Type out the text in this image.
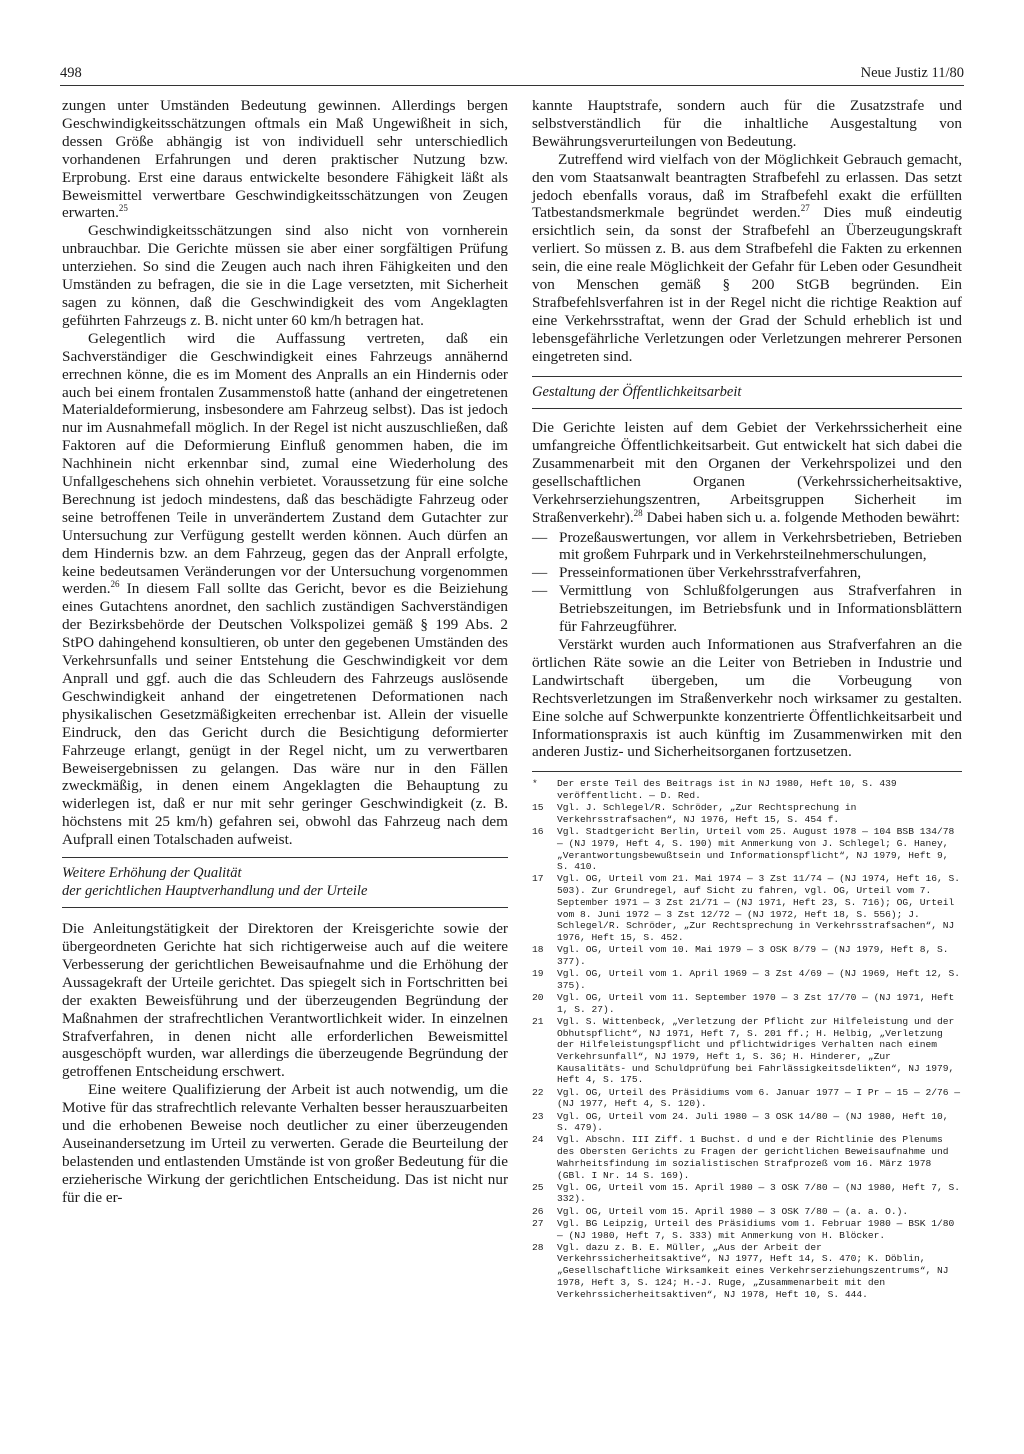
498	Neue Justiz 11/80

zungen unter Umständen Bedeutung gewinnen. Allerdings bergen Geschwindigkeitsschätzungen oftmals ein Maß Ungewißheit in sich, dessen Größe abhängig ist von individuell sehr unterschiedlich vorhandenen Erfahrungen und deren praktischer Nutzung bzw. Erprobung. Erst eine daraus entwickelte besondere Fähigkeit läßt als Beweismittel verwertbare Geschwindigkeitsschätzungen von Zeugen erwarten.$^{25}$

Geschwindigkeitsschätzungen sind also nicht von vornherein unbrauchbar. Die Gerichte müssen sie aber einer sorgfältigen Prüfung unterziehen. So sind die Zeugen auch nach ihren Fähigkeiten und den Umständen zu befragen, die sie in die Lage versetzten, mit Sicherheit sagen zu können, daß die Geschwindigkeit des vom Angeklagten geführten Fahrzeugs z. B. nicht unter 60 km/h betragen hat.

Gelegentlich wird die Auffassung vertreten, daß ein Sachverständiger die Geschwindigkeit eines Fahrzeugs annähernd errechnen könne, die es im Moment des Anpralls an ein Hindernis oder auch bei einem frontalen Zusammenstoß hatte (anhand der eingetretenen Materialdeformierung, insbesondere am Fahrzeug selbst). Das ist jedoch nur im Ausnahmefall möglich. In der Regel ist nicht auszuschließen, daß Faktoren auf die Deformierung Einfluß genommen haben, die im Nachhinein nicht erkennbar sind, zumal eine Wiederholung des Unfallgeschehens sich ohnehin verbietet. Voraussetzung für eine solche Berechnung ist jedoch mindestens, daß das beschädigte Fahrzeug oder seine betroffenen Teile in unverändertem Zustand dem Gutachter zur Untersuchung zur Verfügung gestellt werden können. Auch dürfen an dem Hindernis bzw. an dem Fahrzeug, gegen das der Anprall erfolgte, keine bedeutsamen Veränderungen vor der Untersuchung vorgenommen werden.$^{26}$ In diesem Fall sollte das Gericht, bevor es die Beiziehung eines Gutachtens anordnet, den sachlich zuständigen Sachverständigen der Bezirksbehörde der Deutschen Volkspolizei gemäß § 199 Abs. 2 StPO dahingehend konsultieren, ob unter den gegebenen Umständen des Verkehrsunfalls und seiner Entstehung die Geschwindigkeit vor dem Anprall und ggf. auch die das Schleudern des Fahrzeugs auslösende Geschwindigkeit anhand der eingetretenen Deformationen nach physikalischen Gesetzmäßigkeiten errechenbar ist. Allein der visuelle Eindruck, den das Gericht durch die Besichtigung deformierter Fahrzeuge erlangt, genügt in der Regel nicht, um zu verwertbaren Beweisergebnissen zu gelangen. Das wäre nur in den Fällen zweckmäßig, in denen einem Angeklagten die Behauptung zu widerlegen ist, daß er nur mit sehr geringer Geschwindigkeit (z. B. höchstens mit 25 km/h) gefahren sei, obwohl das Fahrzeug nach dem Aufprall einen Totalschaden aufweist.

Weitere Erhöhung der Qualität
der gerichtlichen Hauptverhandlung und der Urteile

Die Anleitungstätigkeit der Direktoren der Kreisgerichte sowie der übergeordneten Gerichte hat sich richtigerweise auch auf die weitere Verbesserung der gerichtlichen Beweisaufnahme und die Erhöhung der Aussagekraft der Urteile gerichtet. Das spiegelt sich in Fortschritten bei der exakten Beweisführung und der überzeugenden Begründung der Maßnahmen der strafrechtlichen Verantwortlichkeit wider. In einzelnen Strafverfahren, in denen nicht alle erforderlichen Beweismittel ausgeschöpft wurden, war allerdings die überzeugende Begründung der getroffenen Entscheidung erschwert.

Eine weitere Qualifizierung der Arbeit ist auch notwendig, um die Motive für das strafrechtlich relevante Verhalten besser herauszuarbeiten und die erhobenen Beweise noch deutlicher zu einer überzeugenden Auseinandersetzung im Urteil zu verwerten. Gerade die Beurteilung der belastenden und entlastenden Umstände ist von großer Bedeutung für die erzieherische Wirkung der gerichtlichen Entscheidung. Das ist nicht nur für die er-

kannte Hauptstrafe, sondern auch für die Zusatzstrafe und selbstverständlich für die inhaltliche Ausgestaltung von Bewährungsverurteilungen von Bedeutung.

Zutreffend wird vielfach von der Möglichkeit Gebrauch gemacht, den vom Staatsanwalt beantragten Strafbefehl zu erlassen. Das setzt jedoch ebenfalls voraus, daß im Strafbefehl exakt die erfüllten Tatbestandsmerkmale begründet werden.$^{27}$ Dies muß eindeutig ersichtlich sein, da sonst der Strafbefehl an Überzeugungskraft verliert. So müssen z. B. aus dem Strafbefehl die Fakten zu erkennen sein, die eine reale Möglichkeit der Gefahr für Leben oder Gesundheit von Menschen gemäß § 200 StGB begründen. Ein Strafbefehlsverfahren ist in der Regel nicht die richtige Reaktion auf eine Verkehrsstraftat, wenn der Grad der Schuld erheblich ist und lebensgefährliche Verletzungen oder Verletzungen mehrerer Personen eingetreten sind.

Gestaltung der Öffentlichkeitsarbeit

Die Gerichte leisten auf dem Gebiet der Verkehrssicherheit eine umfangreiche Öffentlichkeitsarbeit. Gut entwickelt hat sich dabei die Zusammenarbeit mit den Organen der Verkehrspolizei und den gesellschaftlichen Organen (Verkehrssicherheitsaktive, Verkehrserziehungszentren, Arbeitsgruppen Sicherheit im Straßenverkehr).$^{28}$ Dabei haben sich u. a. folgende Methoden bewährt:

— Prozeßauswertungen, vor allem in Verkehrsbetrieben, Betrieben mit großem Fuhrpark und in Verkehrsteilnehmerschulungen,
— Presseinformationen über Verkehrsstrafverfahren,
— Vermittlung von Schlußfolgerungen aus Strafverfahren in Betriebszeitungen, im Betriebsfunk und in Informationsblättern für Fahrzeugführer.

Verstärkt wurden auch Informationen aus Strafverfahren an die örtlichen Räte sowie an die Leiter von Betrieben in Industrie und Landwirtschaft übergeben, um die Vorbeugung von Rechtsverletzungen im Straßenverkehr noch wirksamer zu gestalten. Eine solche auf Schwerpunkte konzentrierte Öffentlichkeitsarbeit und Informationspraxis ist auch künftig im Zusammenwirken mit den anderen Justiz- und Sicherheitsorganen fortzusetzen.

* Der erste Teil des Beitrags ist in NJ 1980, Heft 10, S. 439 veröffentlicht. — D. Red.
15 Vgl. J. Schlegel/R. Schröder, „Zur Rechtsprechung in Verkehrsstrafsachen“, NJ 1976, Heft 15, S. 454 f.
16 Vgl. Stadtgericht Berlin, Urteil vom 25. August 1978 — 104 BSB 134/78 — (NJ 1979, Heft 4, S. 190) mit Anmerkung von J. Schlegel; G. Haney, „Verantwortungsbewußtsein und Informationspflicht“, NJ 1979, Heft 9, S. 410.
17 Vgl. OG, Urteil vom 21. Mai 1974 — 3 Zst 11/74 — (NJ 1974, Heft 16, S. 503). Zur Grundregel, auf Sicht zu fahren, vgl. OG, Urteil vom 7. September 1971 — 3 Zst 21/71 — (NJ 1971, Heft 23, S. 716); OG, Urteil vom 8. Juni 1972 — 3 Zst 12/72 — (NJ 1972, Heft 18, S. 556); J. Schlegel/R. Schröder, „Zur Rechtsprechung in Verkehrsstrafsachen“, NJ 1976, Heft 15, S. 452.
18 Vgl. OG, Urteil vom 10. Mai 1979 — 3 OSK 8/79 — (NJ 1979, Heft 8, S. 377).
19 Vgl. OG, Urteil vom 1. April 1969 — 3 Zst 4/69 — (NJ 1969, Heft 12, S. 375).
20 Vgl. OG, Urteil vom 11. September 1970 — 3 Zst 17/70 — (NJ 1971, Heft 1, S. 27).
21 Vgl. S. Wittenbeck, „Verletzung der Pflicht zur Hilfeleistung und der Obhutspflicht“, NJ 1971, Heft 7, S. 201 ff.; H. Helbig, „Verletzung der Hilfeleistungspflicht und pflichtwidriges Verhalten nach einem Verkehrsunfall“, NJ 1979, Heft 1, S. 36; H. Hinderer, „Zur Kausalitäts- und Schuldprüfung bei Fahrlässigkeitsdelikten“, NJ 1979, Heft 4, S. 175.
22 Vgl. OG, Urteil des Präsidiums vom 6. Januar 1977 — I Pr — 15 — 2/76 — (NJ 1977, Heft 4, S. 120).
23 Vgl. OG, Urteil vom 24. Juli 1980 — 3 OSK 14/80 — (NJ 1980, Heft 10, S. 479).
24 Vgl. Abschn. III Ziff. 1 Buchst. d und e der Richtlinie des Plenums des Obersten Gerichts zu Fragen der gerichtlichen Beweisaufnahme und Wahrheitsfindung im sozialistischen Strafprozeß vom 16. März 1978 (GBl. I Nr. 14 S. 169).
25 Vgl. OG, Urteil vom 15. April 1980 — 3 OSK 7/80 — (NJ 1980, Heft 7, S. 332).
26 Vgl. OG, Urteil vom 15. April 1980 — 3 OSK 7/80 — (a. a. O.).
27 Vgl. BG Leipzig, Urteil des Präsidiums vom 1. Februar 1980 — BSK 1/80 — (NJ 1980, Heft 7, S. 333) mit Anmerkung von H. Blöcker.
28 Vgl. dazu z. B. E. Müller, „Aus der Arbeit der Verkehrssicherheitsaktive“, NJ 1977, Heft 14, S. 470; K. Döblin, „Gesellschaftliche Wirksamkeit eines Verkehrserziehungszentrums“, NJ 1978, Heft 3, S. 124; H.-J. Ruge, „Zusammenarbeit mit den Verkehrssicherheitsaktiven“, NJ 1978, Heft 10, S. 444.
